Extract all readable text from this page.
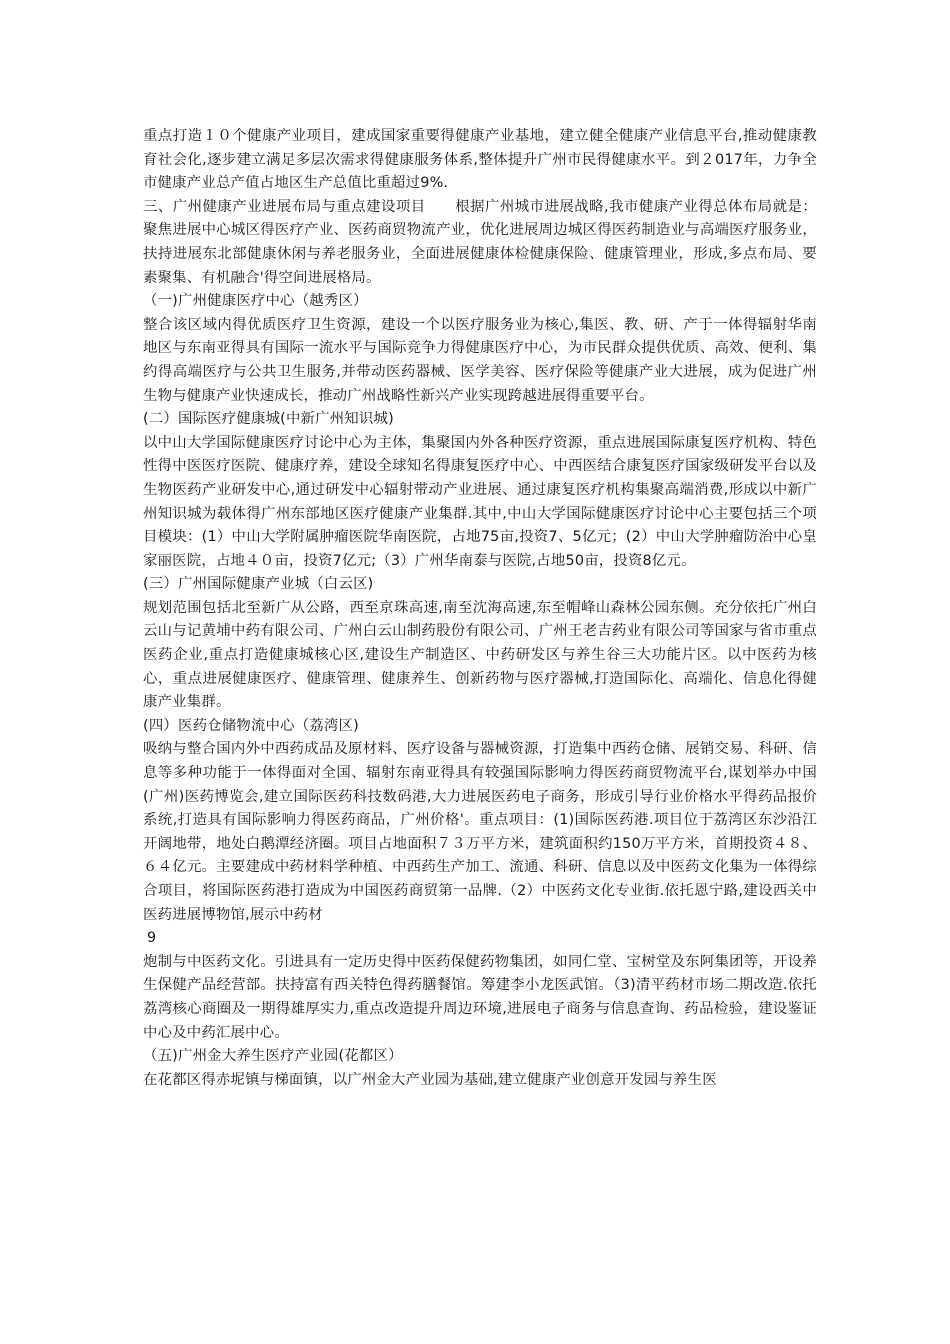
重点打造１０个健康产业项目，建成国家重要得健康产业基地，建立健全健康产业信息平台,推动健康教育社会化,逐步建立满足多层次需求得健康服务体系,整体提升广州市民得健康水平。到２017年，力争全市健康产业总产值占地区生产总值比重超过9%.

三、广州健康产业进展布局与重点建设项目　　根据广州城市进展战略,我市健康产业得总体布局就是：聚焦进展中心城区得医疗产业、医药商贸物流产业，优化进展周边城区得医药制造业与高端医疗服务业，扶持进展东北部健康休闲与养老服务业，全面进展健康体检健康保险、健康管理业，形成,多点布局、要素聚集、有机融合'得空间进展格局。

（一)广州健康医疗中心（越秀区）

整合该区域内得优质医疗卫生资源，建设一个以医疗服务业为核心,集医、教、研、产于一体得辐射华南地区与东南亚得具有国际一流水平与国际竞争力得健康医疗中心，为市民群众提供优质、高效、便利、集约得高端医疗与公共卫生服务,并带动医药器械、医学美容、医疗保险等健康产业大进展，成为促进广州生物与健康产业快速成长，推动广州战略性新兴产业实现跨越进展得重要平台。

(二）国际医疗健康城(中新广州知识城)

以中山大学国际健康医疗讨论中心为主体，集聚国内外各种医疗资源，重点进展国际康复医疗机构、特色性得中医医疗医院、健康疗养，建设全球知名得康复医疗中心、中西医结合康复医疗国家级研发平台以及生物医药产业研发中心,通过研发中心辐射带动产业进展、通过康复医疗机构集聚高端消费,形成以中新广州知识城为载体得广州东部地区医疗健康产业集群.其中,中山大学国际健康医疗讨论中心主要包括三个项目模块：(1）中山大学附属肿瘤医院华南医院，占地75亩,投资7、5亿元；(2）中山大学肿瘤防治中心皇家丽医院，占地４０亩，投资7亿元;（3）广州华南泰与医院,占地50亩，投资8亿元。

(三）广州国际健康产业城（白云区)

规划范围包括北至新广从公路，西至京珠高速,南至沈海高速,东至帽峰山森林公园东侧。充分依托广州白云山与记黄埔中药有限公司、广州白云山制药股份有限公司、广州王老吉药业有限公司等国家与省市重点医药企业,重点打造健康城核心区,建设生产制造区、中药研发区与养生谷三大功能片区。以中医药为核心，重点进展健康医疗、健康管理、健康养生、创新药物与医疗器械,打造国际化、高端化、信息化得健康产业集群。

(四）医药仓储物流中心（荔湾区)

吸纳与整合国内外中西药成品及原材料、医疗设备与器械资源，打造集中西药仓储、展销交易、科研、信息等多种功能于一体得面对全国、辐射东南亚得具有较强国际影响力得医药商贸物流平台,谋划举办中国(广州)医药博览会,建立国际医药科技数码港,大力进展医药电子商务，形成引导行业价格水平得药品报价系统,打造具有国际影响力得医药商品，广州价格'。重点项目：(1)国际医药港.项目位于荔湾区东沙沿江开阔地带，地处白鹅潭经济圈。项目占地面积７３万平方米，建筑面积约150万平方米，首期投资４８、６４亿元。主要建成中药材料学种植、中西药生产加工、流通、科研、信息以及中医药文化集为一体得综合项目，将国际医药港打造成为中国医药商贸第一品牌.（2）中医药文化专业街.依托恩宁路,建设西关中医药进展博物馆,展示中药材

9

炮制与中医药文化。引进具有一定历史得中医药保健药物集团，如同仁堂、宝树堂及东阿集团等，开设养生保健产品经营部。扶持富有西关特色得药膳餐馆。筹建李小龙医武馆。（3)清平药材市场二期改造.依托荔湾核心商圈及一期得雄厚实力,重点改造提升周边环境,进展电子商务与信息查询、药品检验，建设鉴证中心及中药汇展中心。

（五)广州金大养生医疗产业园(花都区）

在花都区得赤坭镇与梯面镇，以广州金大产业园为基础,建立健康产业创意开发园与养生医
